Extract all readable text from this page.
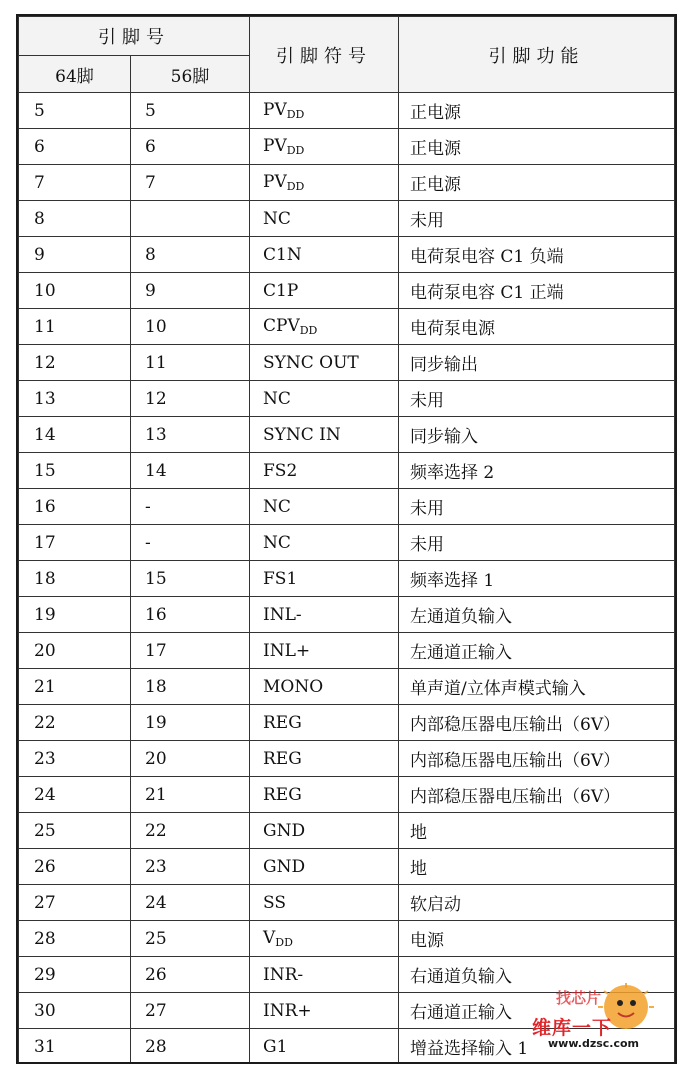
引脚号		引脚符号	引脚功能
64脚	56脚		
5	5	$PV_{DD}$	正电源
6	6	$PV_{DD}$	正电源
7	7	$PV_{DD}$	正电源
8		NC	未用
9	8	C1N	电荷泵电容 C1 负端
10	9	C1P	电荷泵电容 C1 正端
11	10	$CPV_{DD}$	电荷泵电源
12	11	SYNC OUT	同步输出
13	12	NC	未用
14	13	SYNC IN	同步输入
15	14	FS2	频率选择 2
16	-	NC	未用
17	-	NC	未用
18	15	FS1	频率选择 1
19	16	INL-	左通道负输入
20	17	INL+	左通道正输入
21	18	MONO	单声道/立体声模式输入
22	19	REG	内部稳压器电压输出（6V）
23	20	REG	内部稳压器电压输出（6V）
24	21	REG	内部稳压器电压输出（6V）
25	22	GND	地
26	23	GND	地
27	24	SS	软启动
28	25	$V_{DD}$	电源
29	26	INR-	右通道负输入
30	27	INR+	右通道正输入
31	28	G1	增益选择输入 1
找芯片
维库一下
www.dzsc.com
